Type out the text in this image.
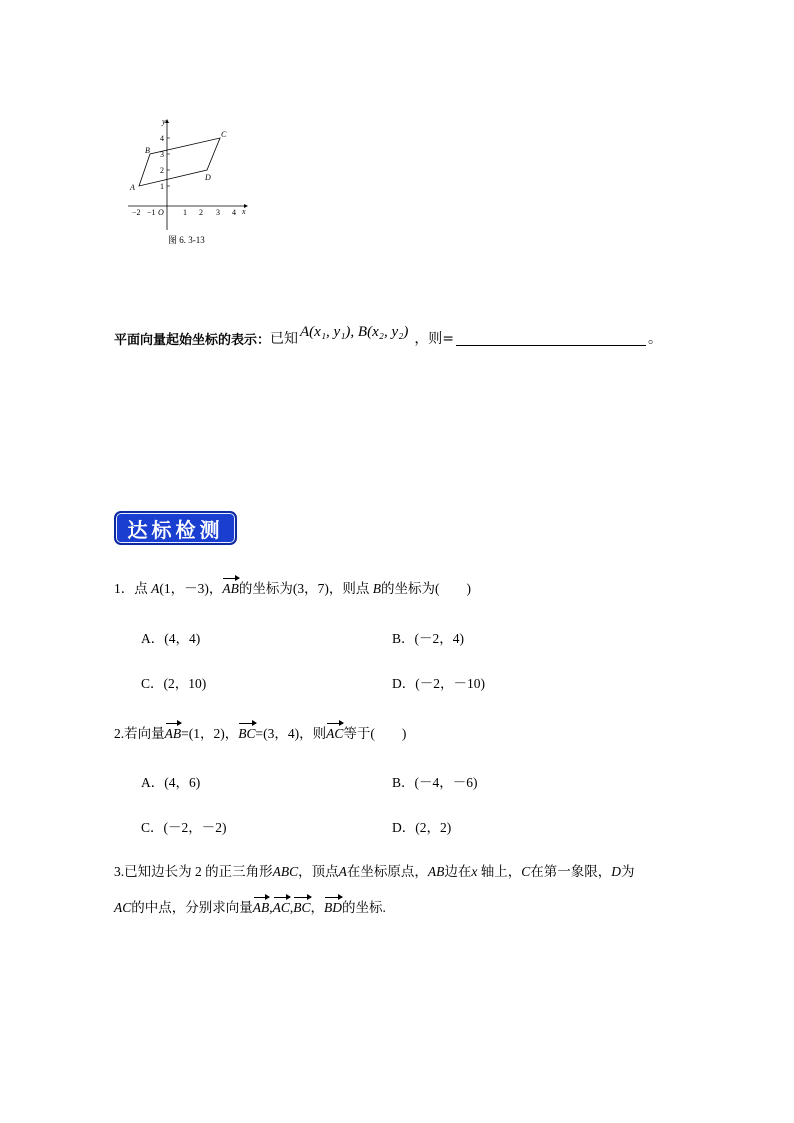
y
x
O
−2 −1	1 2 3 4
1
2
3
4
A
B
C
D
图 6. 3-13
平面向量起始坐标的表示： 已知 A(x₁, y₁), B(x₂, y₂) ，则=	。
达标检测
1．点 A(1，－3)，AB的坐标为(3，7)，则点 B的坐标为(　　)
A．(4，4)	B．(－2，4)
C．(2，10)	D．(－2，－10)
2.若向量AB=(1，2)，BC=(3，4)，则AC等于(　　)
A．(4，6)	B．(－4，－6)
C．(－2，－2)	D．(2，2)
3.已知边长为 2 的正三角形ABC，顶点A在坐标原点，AB边在x 轴上，C在第一象限，D为
AC的中点，分别求向量AB,AC,BC，BD的坐标.
